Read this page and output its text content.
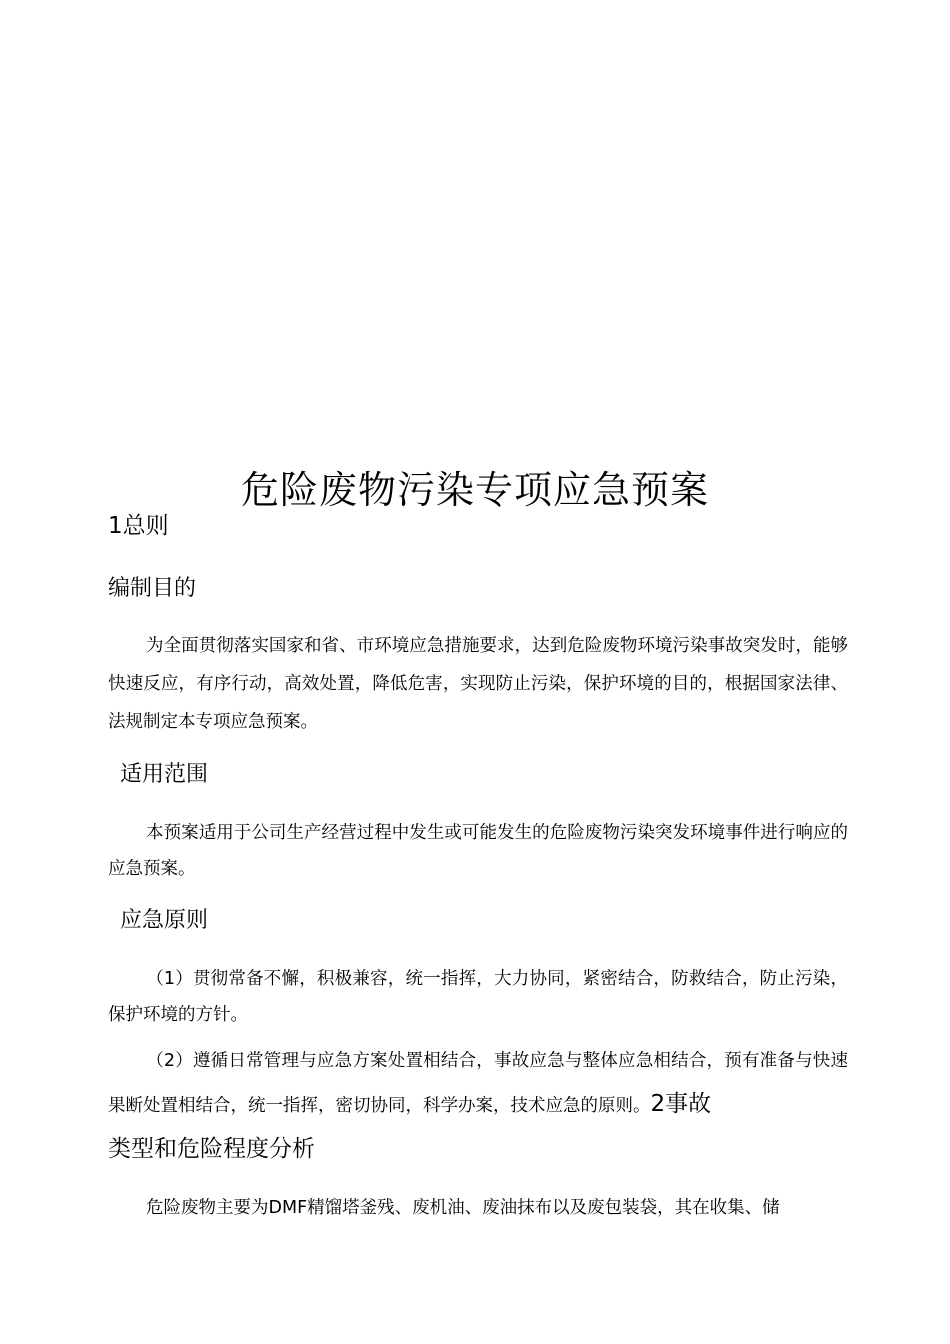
危险废物污染专项应急预案
1总则
编制目的

为全面贯彻落实国家和省、市环境应急措施要求，达到危险废物环境污染事故突发时，能够快速反应，有序行动，高效处置，降低危害，实现防止污染，保护环境的目的，根据国家法律、法规制定本专项应急预案。

适用范围

本预案适用于公司生产经营过程中发生或可能发生的危险废物污染突发环境事件进行响应的应急预案。

应急原则

（1）贯彻常备不懈，积极兼容，统一指挥，大力协同，紧密结合，防救结合，防止污染，保护环境的方针。

（2）遵循日常管理与应急方案处置相结合，事故应急与整体应急相结合，预有准备与快速果断处置相结合，统一指挥，密切协同，科学办案，技术应急的原则。2事故
类型和危险程度分析

危险废物主要为DMF精馏塔釜残、废机油、废油抹布以及废包装袋，其在收集、储
